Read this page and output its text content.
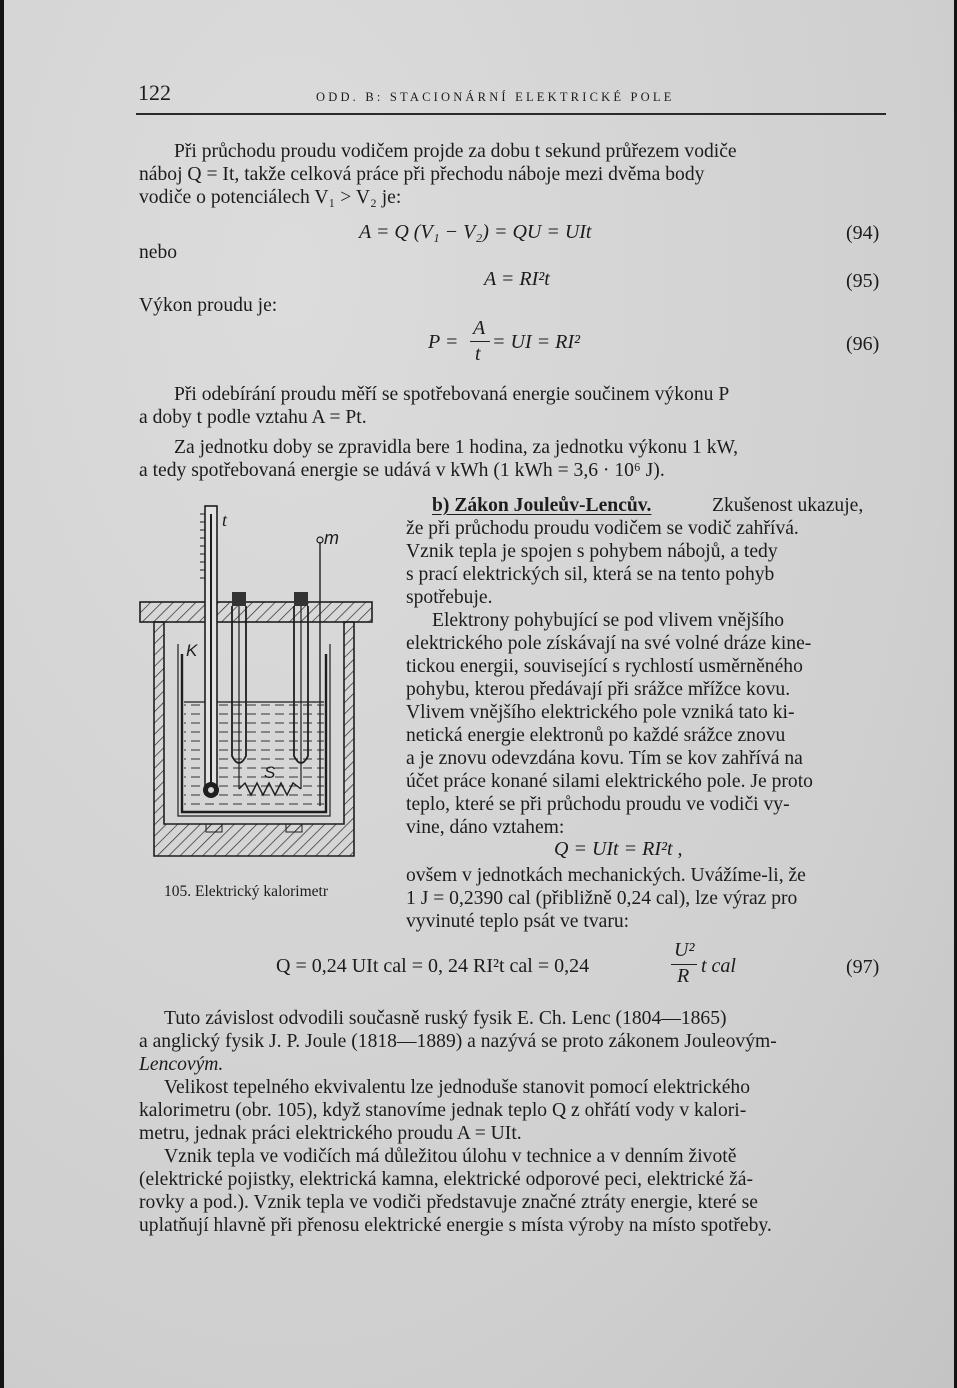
122	ODD. B: STACIONÁRNÍ ELEKTRICKÉ POLE
Při průchodu proudu vodičem projde za dobu t sekund průřezem vodiče
náboj Q = It, takže celková práce při přechodu náboje mezi dvěma body
vodiče o potenciálech V₁ > V₂ je:
A = Q (V₁ − V₂) = QU = UIt	(94)
nebo
A = RI²t	(95)
Výkon proudu je:
P =
A
t
= UI = RI²	(96)
Při odebírání proudu měří se spotřebovaná energie součinem výkonu P
a doby t podle vztahu A = Pt.
Za jednotku doby se zpravidla bere 1 hodina, za jednotku výkonu 1 kW,
a tedy spotřebovaná energie se udává v kWh (1 kWh = 3,6 · 10⁶ J).
t
m
K
S
105. Elektrický kalorimetr
b) Zákon Jouleův-Lencův.	Zkušenost ukazuje,
že při průchodu proudu vodičem se vodič zahřívá.
Vznik tepla je spojen s pohybem nábojů, a tedy
s prací elektrických sil, která se na tento pohyb
spotřebuje.
Elektrony pohybující se pod vlivem vnějšího
elektrického pole získávají na své volné dráze kine-
tickou energii, související s rychlostí usměrněného
pohybu, kterou předávají při srážce mřížce kovu.
Vlivem vnějšího elektrického pole vzniká tato ki-
netická energie elektronů po každé srážce znovu
a je znovu odevzdána kovu. Tím se kov zahřívá na
účet práce konané silami elektrického pole. Je proto
teplo, které se při průchodu proudu ve vodiči vy-
vine, dáno vztahem:
Q = UIt = RI²t ,
ovšem v jednotkách mechanických. Uvážíme-li, že
1 J = 0,2390 cal (přibližně 0,24 cal), lze výraz pro
vyvinuté teplo psát ve tvaru:
Q = 0,24 UIt cal = 0, 24 RI²t cal = 0,24
U²
R t cal	(97)
Tuto závislost odvodili současně ruský fysik E. Ch. Lenc (1804—1865)
a anglický fysik J. P. Joule (1818—1889) a nazývá se proto zákonem Jouleovým-
Lencovým.
Velikost tepelného ekvivalentu lze jednoduše stanovit pomocí elektrického
kalorimetru (obr. 105), když stanovíme jednak teplo Q z ohřátí vody v kalori-
metru, jednak práci elektrického proudu A = UIt.
Vznik tepla ve vodičích má důležitou úlohu v technice a v denním životě
(elektrické pojistky, elektrická kamna, elektrické odporové peci, elektrické žá-
rovky a pod.). Vznik tepla ve vodiči představuje značné ztráty energie, které se
uplatňují hlavně při přenosu elektrické energie s místa výroby na místo spotřeby.
